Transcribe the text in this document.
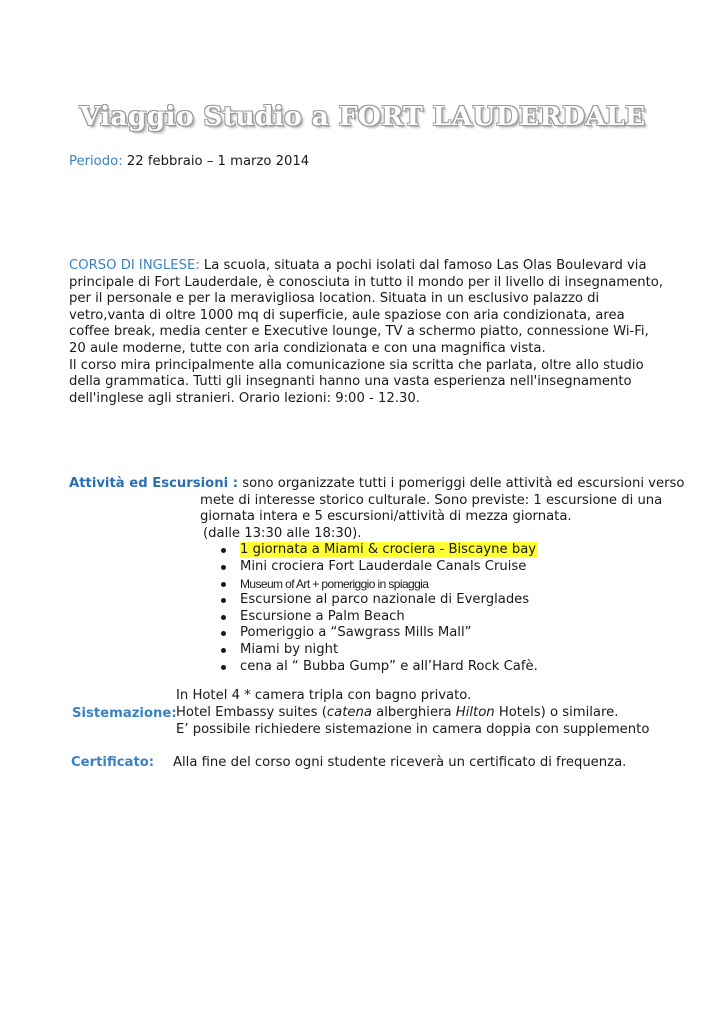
Viaggio Studio a FORT LAUDERDALE
Periodo: 22 febbraio – 1 marzo 2014
CORSO DI INGLESE: La scuola, situata a pochi isolati dal famoso Las Olas Boulevard via
principale di Fort Lauderdale, è conosciuta in tutto il mondo per il livello di insegnamento,
per il personale e per la meravigliosa location. Situata in un esclusivo palazzo di
vetro,vanta di oltre 1000 mq di superficie, aule spaziose con aria condizionata, area
coffee break, media center e Executive lounge, TV a schermo piatto, connessione Wi-Fi,
20 aule moderne, tutte con aria condizionata e con una magnifica vista.
Il corso mira principalmente alla comunicazione sia scritta che parlata, oltre allo studio
della grammatica. Tutti gli insegnanti hanno una vasta esperienza nell'insegnamento
dell'inglese agli stranieri. Orario lezioni: 9:00 - 12.30.
Attività ed Escursioni : sono organizzate tutti i pomeriggi delle attività ed escursioni verso
mete di interesse storico culturale. Sono previste: 1 escursione di una
giornata intera e 5 escursioni/attività di mezza giornata.
(dalle 13:30 alle 18:30).
1 giornata a Miami & crociera - Biscayne bay
Mini crociera Fort Lauderdale Canals Cruise
Museum of Art + pomeriggio in spiaggia
Escursione al parco nazionale di Everglades
Escursione a Palm Beach
Pomeriggio a “Sawgrass Mills Mall”
Miami by night
cena al “ Bubba Gump” e all’Hard Rock Cafè.
In Hotel 4 * camera tripla con bagno privato.
Sistemazione: Hotel Embassy suites (catena alberghiera Hilton Hotels) o similare.
E’ possibile richiedere sistemazione in camera doppia con supplemento
Certificato: Alla fine del corso ogni studente riceverà un certificato di frequenza.
